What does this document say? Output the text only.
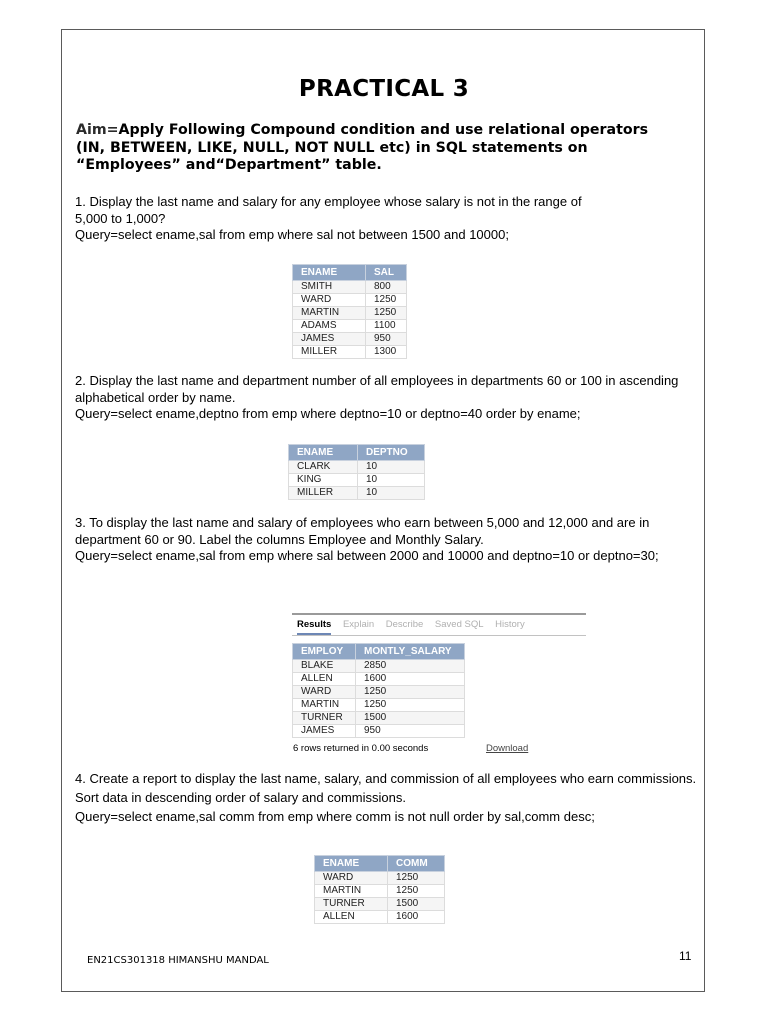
PRACTICAL 3
Aim=Apply Following Compound condition and use relational operators (IN, BETWEEN, LIKE, NULL, NOT NULL etc) in SQL statements on “Employees” and“Department” table.

1. Display the last name and salary for any employee whose salary is not in the range of 5,000 to 1,000?

Query=select ename,sal from emp where sal not between 1500 and 10000;

ENAME	SAL
SMITH	800
WARD	1250
MARTIN	1250
ADAMS	1100
JAMES	950
MILLER	1300

2. Display the last name and department number of all employees in departments 60 or 100 in ascending alphabetical order by name.

Query=select ename,deptno from emp where deptno=10 or deptno=40 order by ename;

ENAME	DEPTNO
CLARK	10
KING	10
MILLER	10

3. To display the last name and salary of employees who earn between 5,000 and 12,000 and are in department 60 or 90. Label the columns Employee and Monthly Salary.

Query=select ename,sal from emp where sal between 2000 and 10000 and deptno=10 or deptno=30;

Results Explain Describe Saved SQL History
EMPLOY	MONTLY_SALARY
BLAKE	2850
ALLEN	1600
WARD	1250
MARTIN	1250
TURNER	1500
JAMES	950
6 rows returned in 0.00 seconds	Download

4. Create a report to display the last name, salary, and commission of all employees who earn commissions. Sort data in descending order of salary and commissions.

Query=select ename,sal comm from emp where comm is not null order by sal,comm desc;

ENAME	COMM
WARD	1250
MARTIN	1250
TURNER	1500
ALLEN	1600
EN21CS301318 HIMANSHU MANDAL	11
